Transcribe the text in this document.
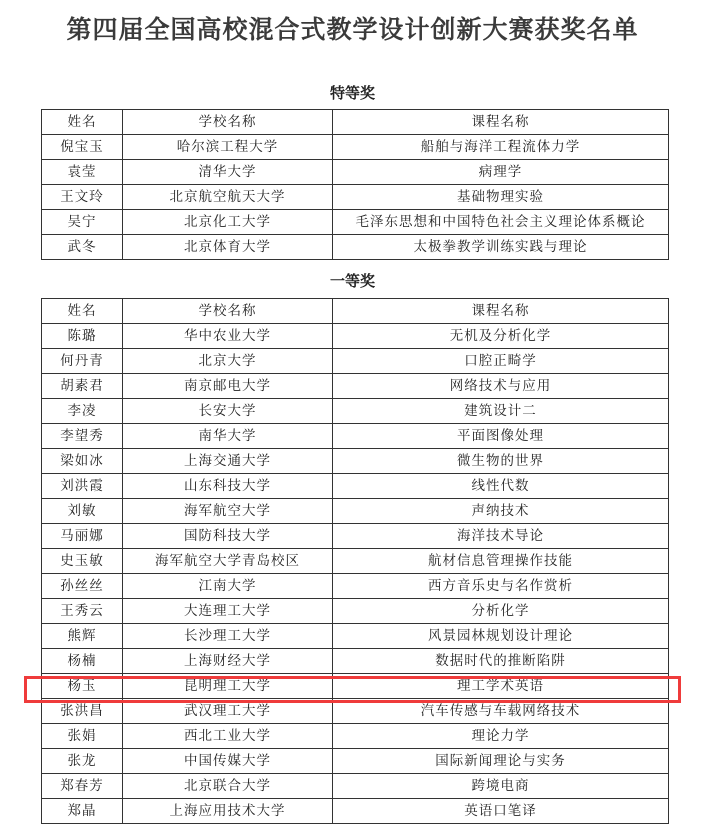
第四届全国高校混合式教学设计创新大赛获奖名单
特等奖
姓名	学校名称	课程名称
倪宝玉	哈尔滨工程大学	船舶与海洋工程流体力学
袁莹	清华大学	病理学
王文玲	北京航空航天大学	基础物理实验
吴宁	北京化工大学	毛泽东思想和中国特色社会主义理论体系概论
武冬	北京体育大学	太极拳教学训练实践与理论
一等奖
姓名	学校名称	课程名称
陈璐	华中农业大学	无机及分析化学
何丹青	北京大学	口腔正畸学
胡素君	南京邮电大学	网络技术与应用
李凌	长安大学	建筑设计二
李望秀	南华大学	平面图像处理
梁如冰	上海交通大学	微生物的世界
刘洪霞	山东科技大学	线性代数
刘敏	海军航空大学	声纳技术
马丽娜	国防科技大学	海洋技术导论
史玉敏	海军航空大学青岛校区	航材信息管理操作技能
孙丝丝	江南大学	西方音乐史与名作赏析
王秀云	大连理工大学	分析化学
熊辉	长沙理工大学	风景园林规划设计理论
杨楠	上海财经大学	数据时代的推断陷阱
杨玉	昆明理工大学	理工学术英语
张洪昌	武汉理工大学	汽车传感与车载网络技术
张娟	西北工业大学	理论力学
张龙	中国传媒大学	国际新闻理论与实务
郑春芳	北京联合大学	跨境电商
郑晶	上海应用技术大学	英语口笔译
